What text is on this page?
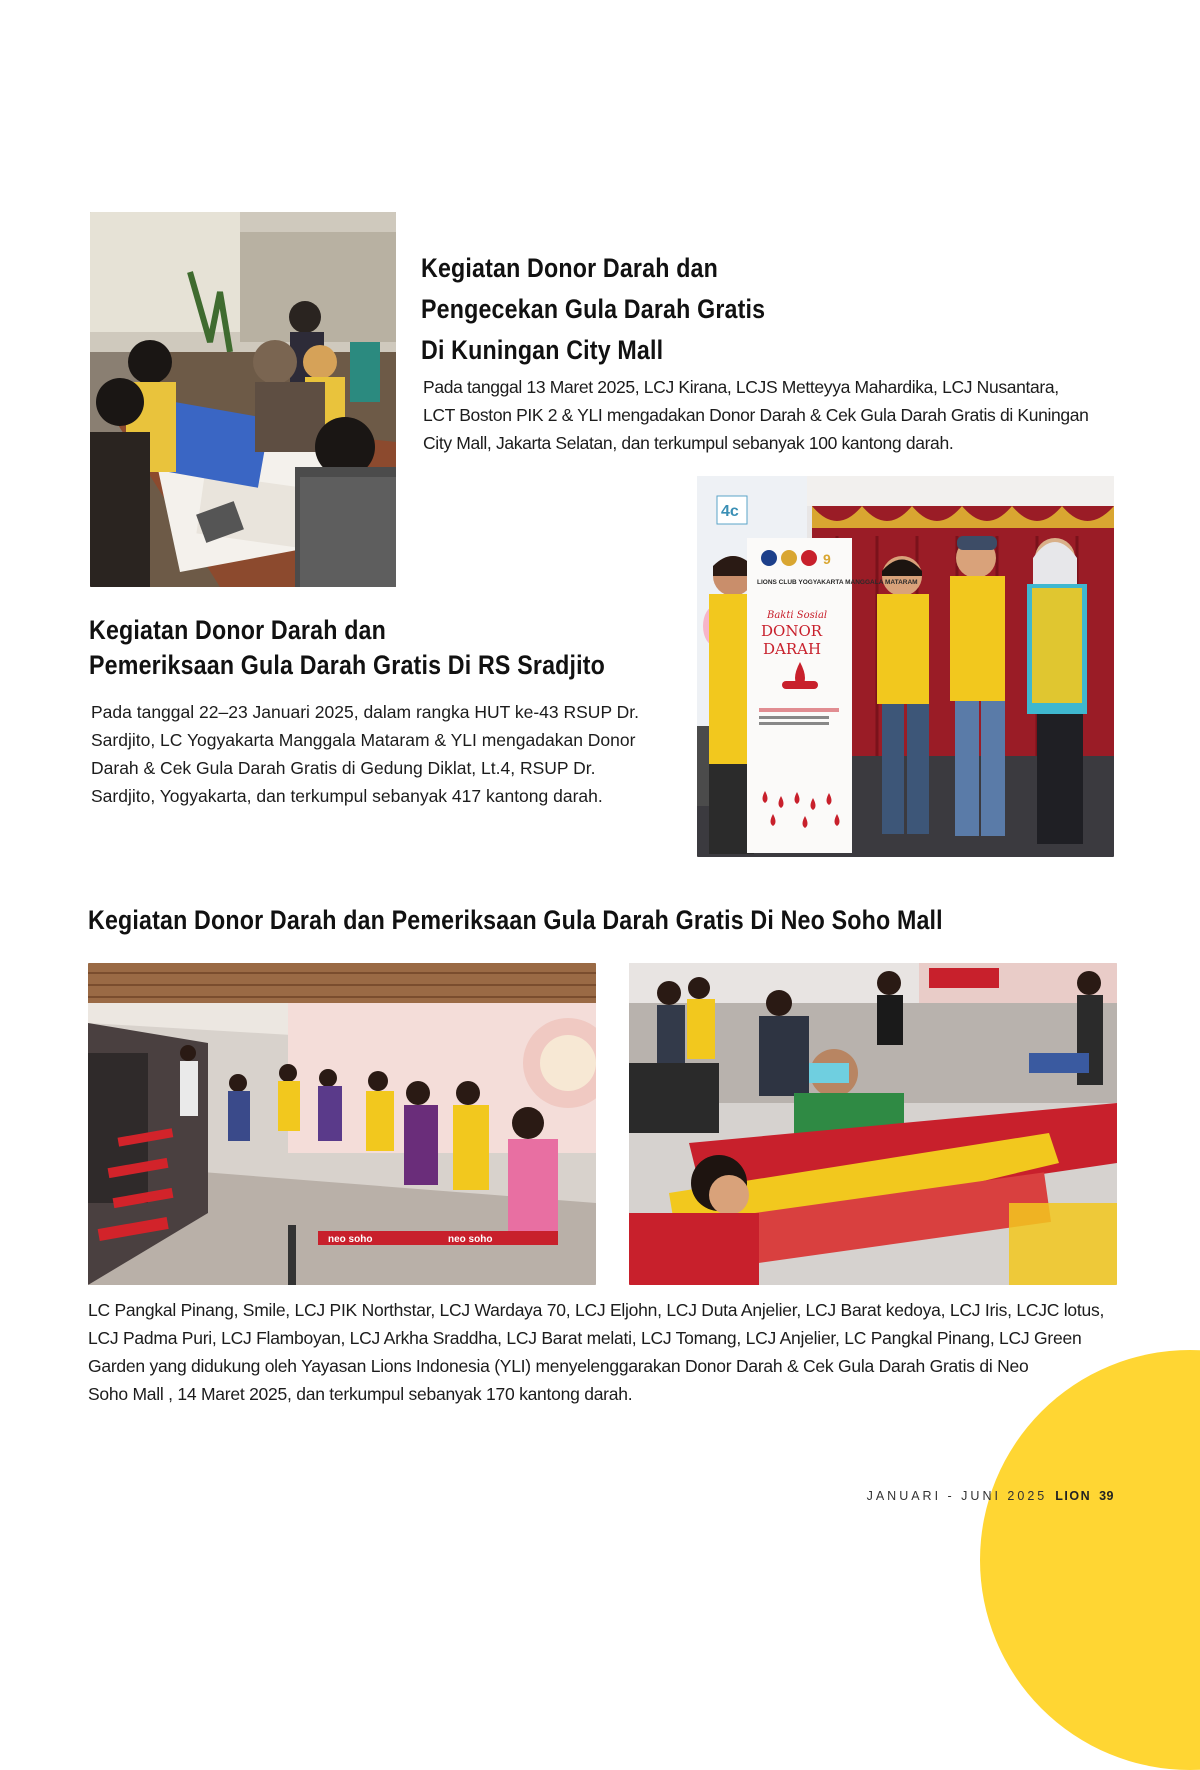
Kegiatan Donor Darah dan
Pengecekan Gula Darah Gratis
Di Kuningan City Mall
Pada tanggal 13 Maret 2025, LCJ Kirana, LCJS Metteyya Mahardika, LCJ Nusantara,
LCT Boston PIK 2 & YLI mengadakan Donor Darah & Cek Gula Darah Gratis di Kuningan
City Mall, Jakarta Selatan, dan terkumpul sebanyak 100 kantong darah.
4c
9
LIONS CLUB YOGYAKARTA MANGGALA MATARAM
Bakti Sosial
DONOR
DARAH
Kegiatan Donor Darah dan
Pemeriksaan Gula Darah Gratis Di RS Sradjito
Pada tanggal 22–23 Januari 2025, dalam rangka HUT ke-43 RSUP Dr.
Sardjito, LC Yogyakarta Manggala Mataram & YLI mengadakan Donor
Darah & Cek Gula Darah Gratis di Gedung Diklat, Lt.4, RSUP Dr.
Sardjito, Yogyakarta, dan terkumpul sebanyak 417 kantong darah.
Kegiatan Donor Darah dan Pemeriksaan Gula Darah Gratis Di Neo Soho Mall
neo soho	neo soho
LC Pangkal Pinang, Smile, LCJ PIK Northstar, LCJ Wardaya 70, LCJ Eljohn, LCJ Duta Anjelier, LCJ Barat kedoya, LCJ Iris, LCJC lotus,
LCJ Padma Puri, LCJ Flamboyan, LCJ Arkha Sraddha, LCJ Barat melati, LCJ Tomang, LCJ Anjelier, LC Pangkal Pinang, LCJ Green
Garden yang didukung oleh Yayasan Lions Indonesia (YLI) menyelenggarakan Donor Darah & Cek Gula Darah Gratis di Neo
Soho Mall , 14 Maret 2025, dan terkumpul sebanyak 170 kantong darah.
JANUARI - JUNI 2025 LION 39
